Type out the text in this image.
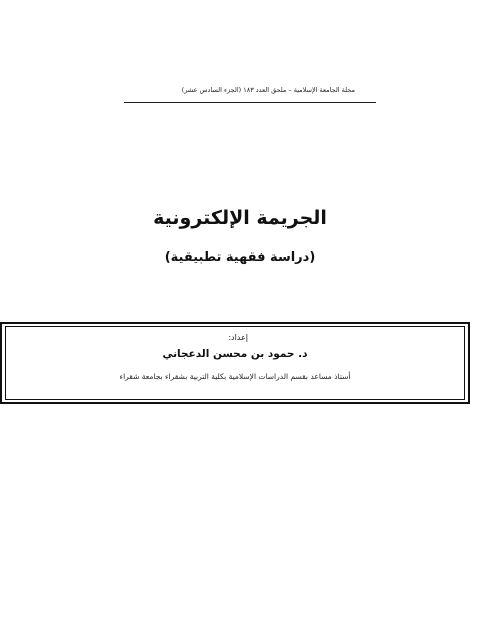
مجلة الجامعة الإسلامية – ملحق العدد ١٨٣ (الجزء السادس عشر)
الجريمة الإلكترونية
(دراسة فقهية تطبيقية)
إعداد:
د. حمود بن محسن الدعجاني
أستاذ مساعد بقسم الدراسات الإسلامية بكلية التربية بشقراء بجامعة شقراء
